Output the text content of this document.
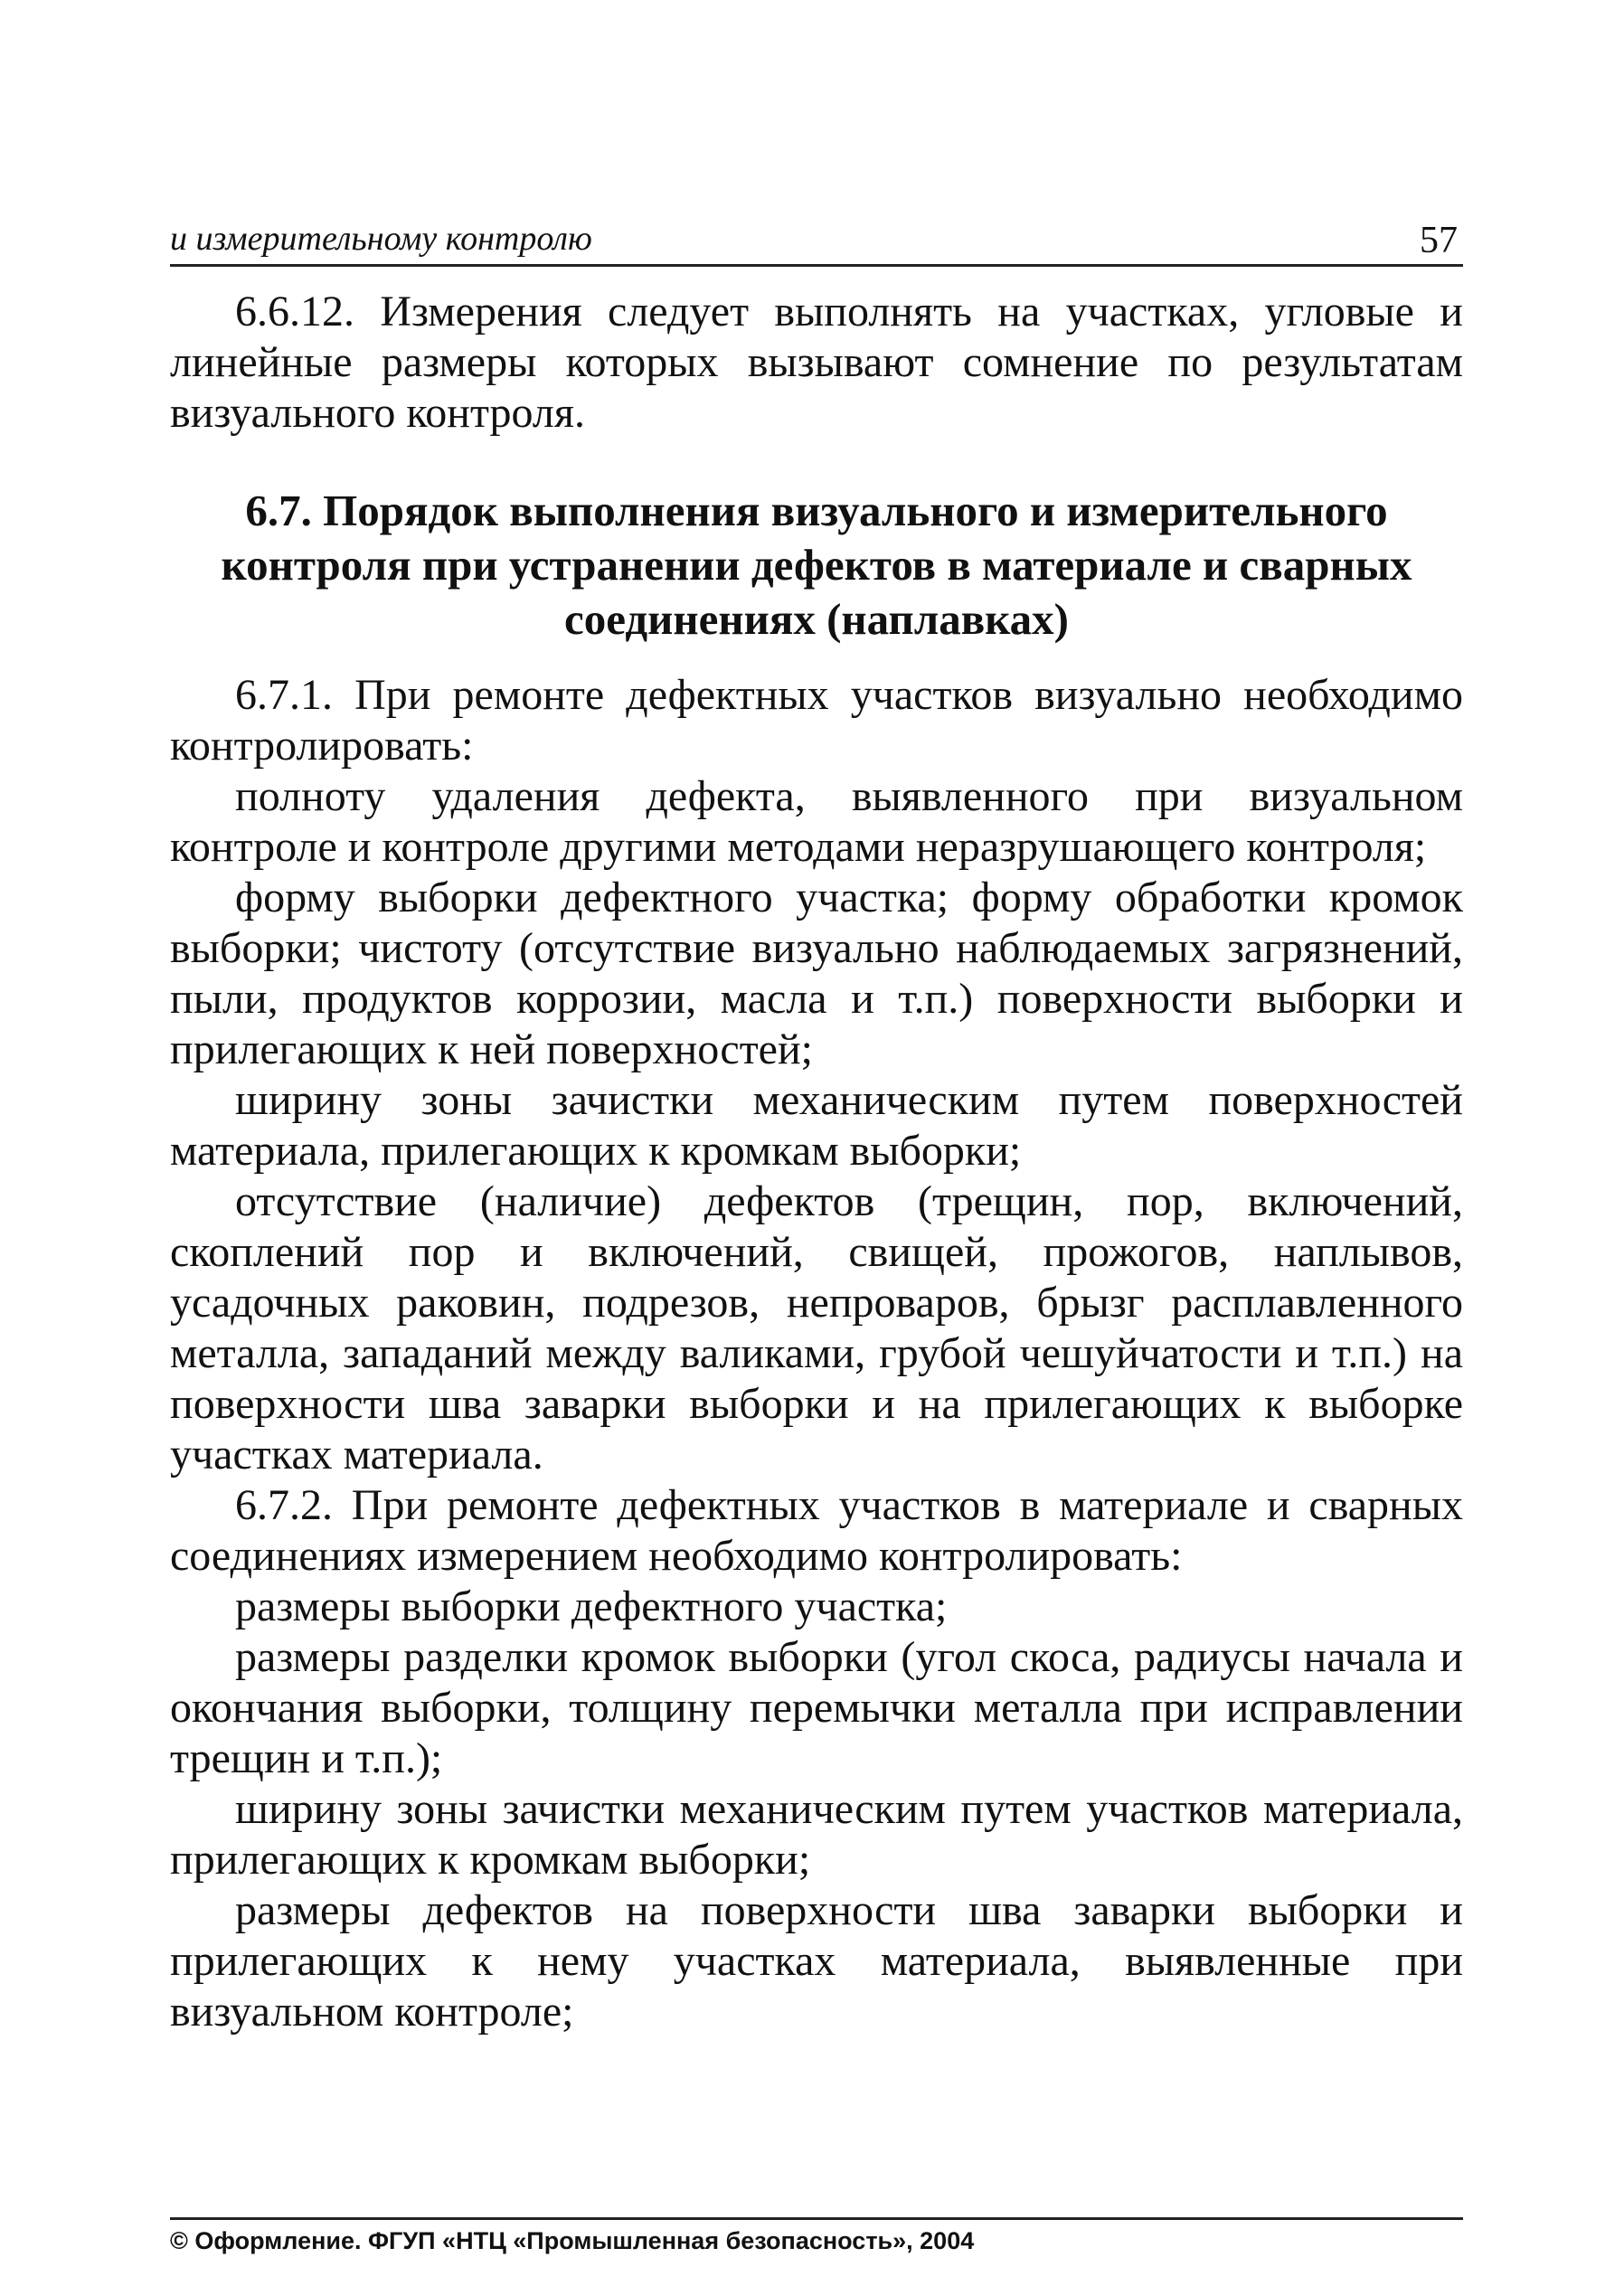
и измерительному контролю	57

6.6.12. Измерения следует выполнять на участках, угловые и линейные размеры которых вызывают сомнение по результатам визуального контроля.

6.7. Порядок выполнения визуального и измерительного контроля при устранении дефектов в материале и сварных соединениях (наплавках)

6.7.1. При ремонте дефектных участков визуально необходимо контролировать:

полноту удаления дефекта, выявленного при визуальном контроле и контроле другими методами неразрушающего контроля;

форму выборки дефектного участка; форму обработки кромок выборки; чистоту (отсутствие визуально наблюдаемых загрязнений, пыли, продуктов коррозии, масла и т.п.) поверхности выборки и прилегающих к ней поверхностей;

ширину зоны зачистки механическим путем поверхностей материала, прилегающих к кромкам выборки;

отсутствие (наличие) дефектов (трещин, пор, включений, скоплений пор и включений, свищей, прожогов, наплывов, усадочных раковин, подрезов, непроваров, брызг расплавленного металла, западаний между валиками, грубой чешуйчатости и т.п.) на поверхности шва заварки выборки и на прилегающих к выборке участках материала.

6.7.2. При ремонте дефектных участков в материале и сварных соединениях измерением необходимо контролировать:

размеры выборки дефектного участка;

размеры разделки кромок выборки (угол скоса, радиусы начала и окончания выборки, толщину перемычки металла при исправлении трещин и т.п.);

ширину зоны зачистки механическим путем участков материала, прилегающих к кромкам выборки;

размеры дефектов на поверхности шва заварки выборки и прилегающих к нему участках материала, выявленные при визуальном контроле;

© Оформление. ФГУП «НТЦ «Промышленная безопасность», 2004
